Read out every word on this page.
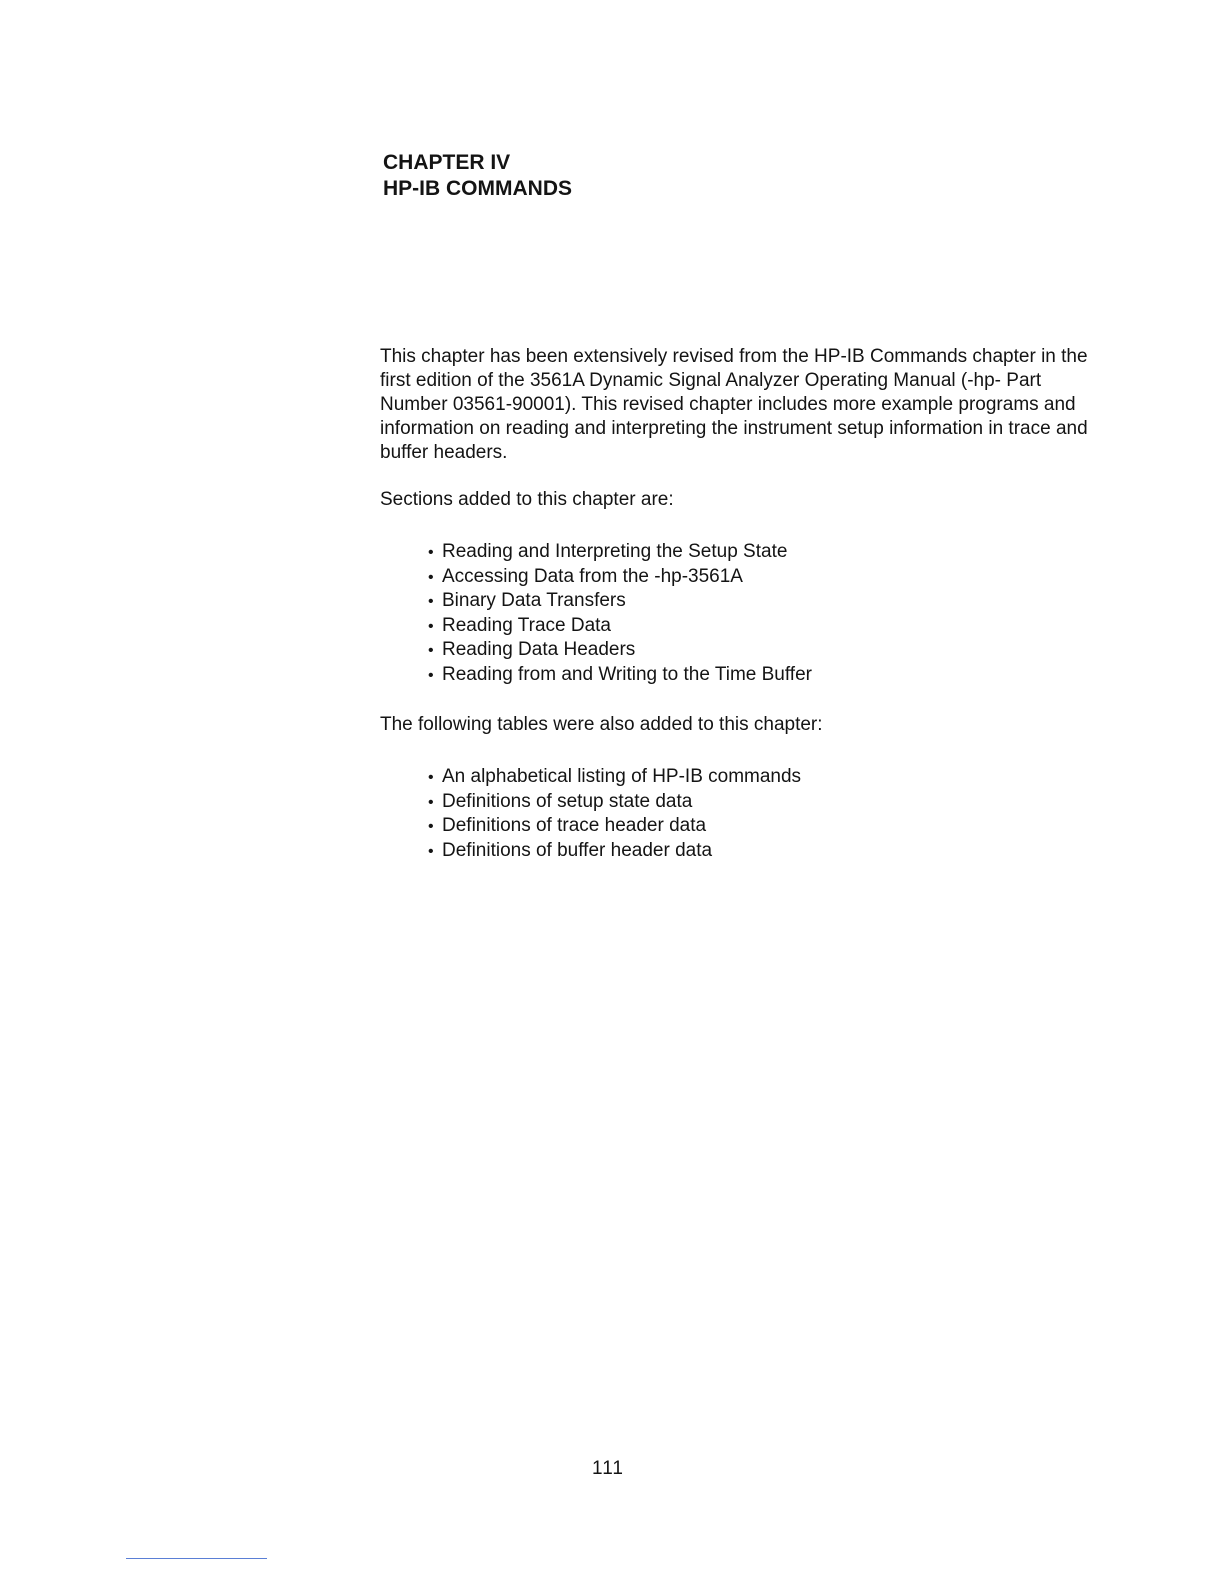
CHAPTER IV
HP-IB COMMANDS

This chapter has been extensively revised from the HP-IB Commands chapter in the first edition of the 3561A Dynamic Signal Analyzer Operating Manual (-hp- Part Number 03561-90001). This revised chapter includes more example programs and information on reading and interpreting the instrument setup information in trace and buffer headers.

Sections added to this chapter are:

• Reading and Interpreting the Setup State
• Accessing Data from the -hp-3561A
• Binary Data Transfers
• Reading Trace Data
• Reading Data Headers
• Reading from and Writing to the Time Buffer

The following tables were also added to this chapter:

• An alphabetical listing of HP-IB commands
• Definitions of setup state data
• Definitions of trace header data
• Definitions of buffer header data
111
